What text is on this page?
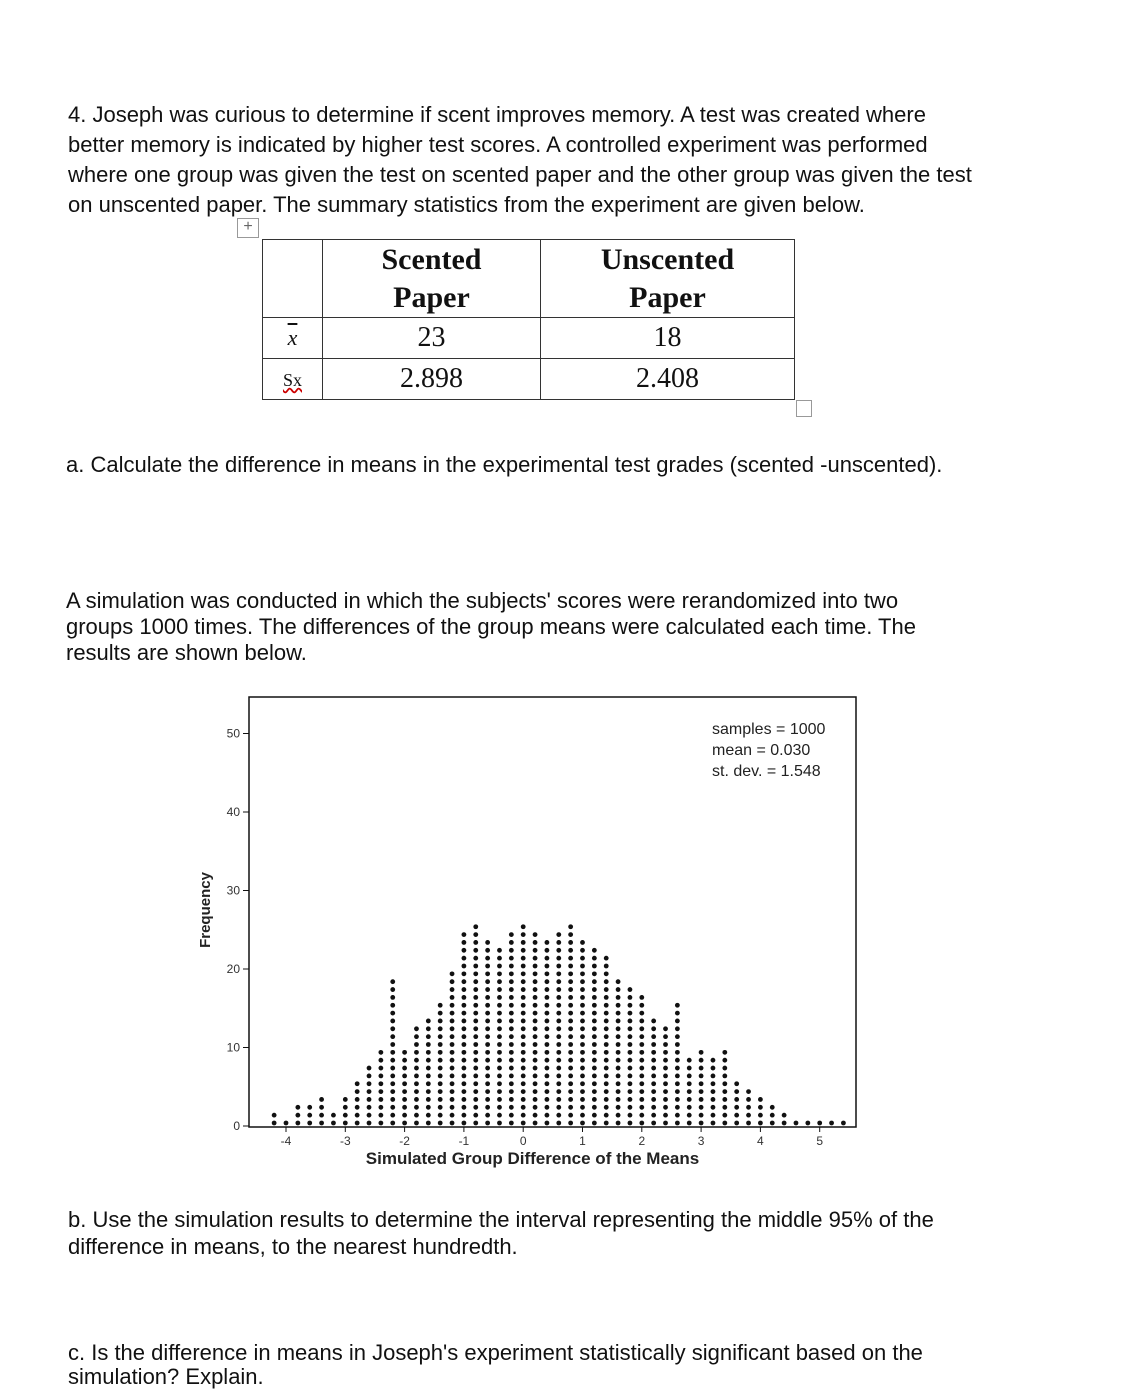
4. Joseph was curious to determine if scent improves memory. A test was created where
better memory is indicated by higher test scores. A controlled experiment was performed
where one group was given the test on scented paper and the other group was given the test
on unscented paper. The summary statistics from the experiment are given below.
+
	Scented
Paper	Unscented
Paper
$\overline{x}$	23	18
Sx	2.898	2.408

a. Calculate the difference in means in the experimental test grades (scented -unscented).

A simulation was conducted in which the subjects' scores were rerandomized into two
groups 1000 times. The differences of the group means were calculated each time. The
results are shown below.
0
10
20
30
40
50
-4	-3	-2	-1	0	1	2	3	4	5
Simulated Group Difference of the Means
Frequency
samples = 1000
mean = 0.030
st. dev. = 1.548
b. Use the simulation results to determine the interval representing the middle 95% of the
difference in means, to the nearest hundredth.
c. Is the difference in means in Joseph's experiment statistically significant based on the
simulation? Explain.
